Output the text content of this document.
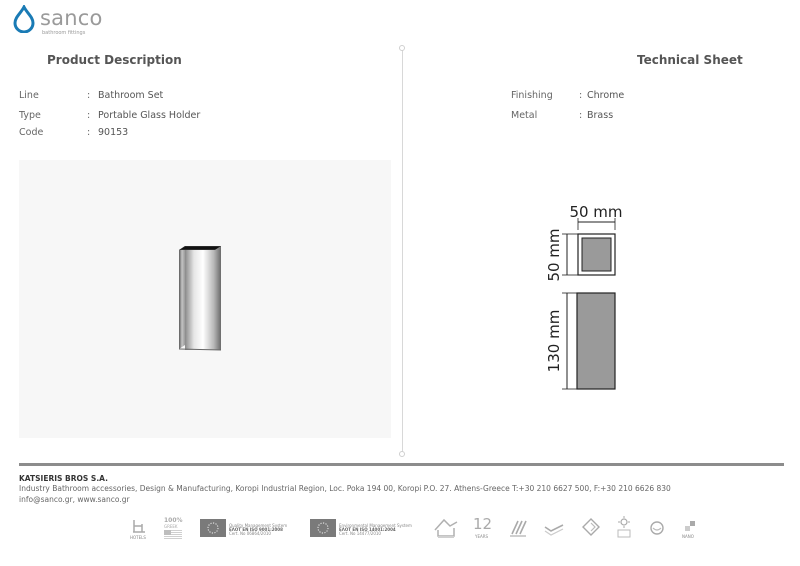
sanco
bathroom fittings
Product Description	Technical Sheet
Line	: Bathroom Set
Type	: Portable Glass Holder
Code	: 90153
Finishing	: Chrome
Metal	: Brass
50 mm
50 mm
130 mm
KATSIERIS BROS S.A.
Industry Bathroom accessories, Design & Manufacturing, Koropi Industrial Region, Loc. Poka 194 00, Koropi P.O. 27. Athens-Greece T:+30 210 6627 500, F:+30 210 6626 830
info@sanco.gr, www.sanco.gr
HOTELS
100%
GREEK	Quality Management System
ΕΛΟΤ ΕΝ ISO 9001:2008
Cert. No 06864/2010
Environmental Management System
ΕΛΟΤ ΕΝ ISO 14001:2004
Cert. No 14477/2010
12
YEARS	NANO
